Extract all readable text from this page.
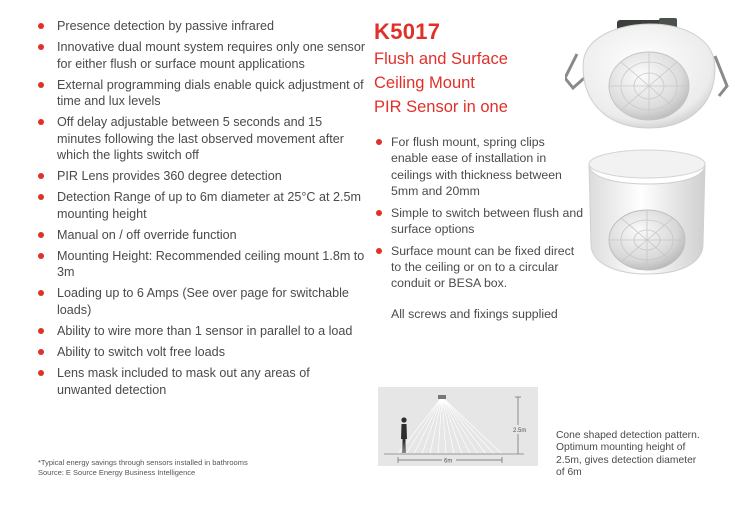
Presence detection by passive infrared
Innovative dual mount system requires only one sensor for either flush or surface mount applications
External programming dials enable quick adjustment of time and lux levels
Off delay adjustable between 5 seconds and 15 minutes following the last observed movement after which the lights switch off
PIR Lens provides 360 degree detection
Detection Range of up to 6m diameter at 25°C at 2.5m mounting height
Manual on / off override function
Mounting Height: Recommended ceiling mount 1.8m to 3m
Loading up to 6 Amps (See over page for switchable loads)
Ability to wire more than 1 sensor in parallel to a load
Ability to switch volt free loads
Lens mask included to mask out any areas of unwanted detection
K5017
Flush and Surface
Ceiling Mount
PIR Sensor in one
For flush mount, spring clips enable ease of installation in ceilings with thickness between 5mm and 20mm
Simple to switch between flush and surface options
Surface mount can be fixed direct to the ceiling or on to a circular conduit or BESA box.
All screws and fixings supplied
2.5m
6m
Cone shaped detection pattern. Optimum mounting height of 2.5m, gives detection diameter of 6m
*Typical energy savings through sensors installed in bathrooms
Source: E Source Energy Business Intelligence
